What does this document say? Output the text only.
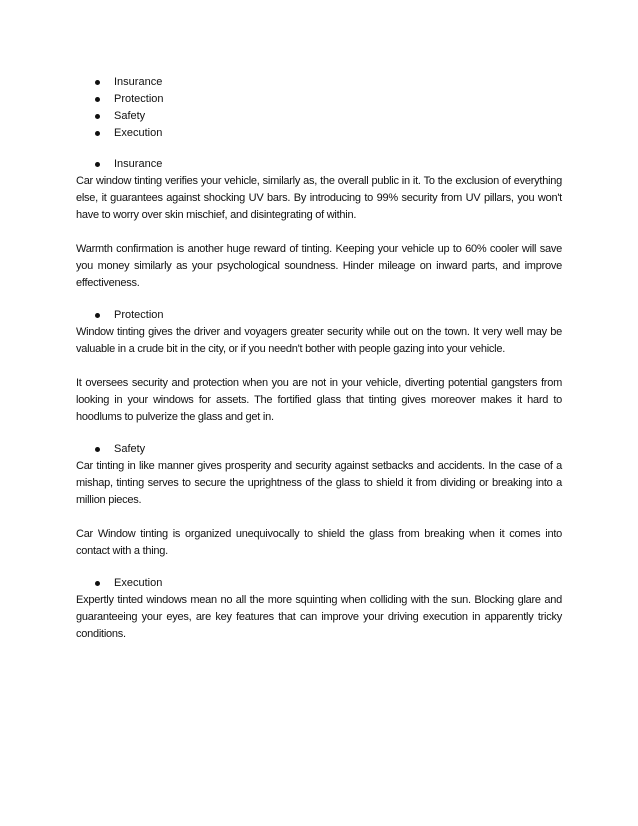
Insurance
Protection
Safety
Execution
Insurance

Car window tinting verifies your vehicle, similarly as, the overall public in it. To the exclusion of everything else, it guarantees against shocking UV bars. By introducing to 99% security from UV pillars, you won't have to worry over skin mischief, and disintegrating of within.

Warmth confirmation is another huge reward of tinting. Keeping your vehicle up to 60% cooler will save you money similarly as your psychological soundness. Hinder mileage on inward parts, and improve effectiveness.

Protection

Window tinting gives the driver and voyagers greater security while out on the town. It very well may be valuable in a crude bit in the city, or if you needn't bother with people gazing into your vehicle.

It oversees security and protection when you are not in your vehicle, diverting potential gangsters from looking in your windows for assets. The fortified glass that tinting gives moreover makes it hard to hoodlums to pulverize the glass and get in.

Safety

Car tinting in like manner gives prosperity and security against setbacks and accidents. In the case of a mishap, tinting serves to secure the uprightness of the glass to shield it from dividing or breaking into a million pieces.

Car Window tinting is organized unequivocally to shield the glass from breaking when it comes into contact with a thing.

Execution

Expertly tinted windows mean no all the more squinting when colliding with the sun. Blocking glare and guaranteeing your eyes, are key features that can improve your driving execution in apparently tricky conditions.
